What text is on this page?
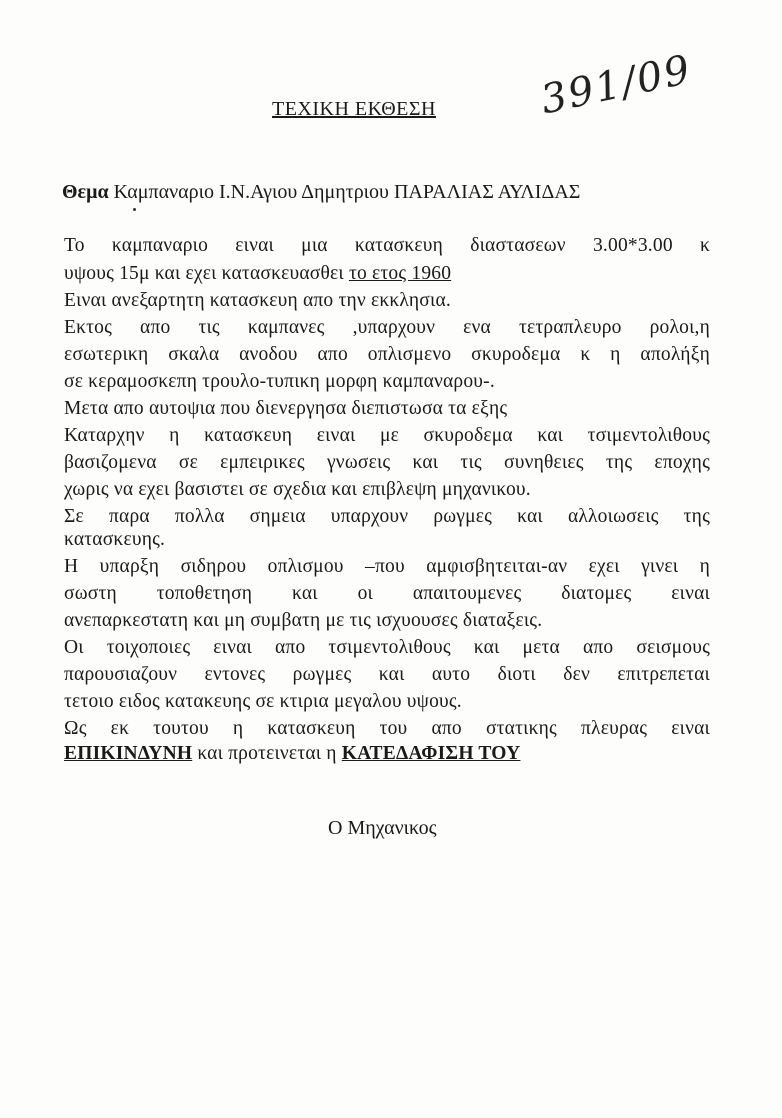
ΤΕΧΙΚΗ ΕΚΘΕΣΗ	391/09
Θεμα Καμπαναριο Ι.Ν.Αγιου Δημητριου ΠΑΡΑΛΙΑΣ ΑΥΛΙΔΑΣ
Το καμπαναριο ειναι μια κατασκευη διαστασεων 3.00*3.00 κ
υψους 15μ και εχει κατασκευασθει το ετος 1960
Ειναι ανεξαρτητη κατασκευη απο την εκκλησια.
Εκτος απο τις καμπανες ,υπαρχουν ενα τετραπλευρο ρολοι,η
εσωτερικη σκαλα ανοδου απο οπλισμενο σκυροδεμα κ η απολήξη
σε κεραμοσκεπη τρουλο-τυπικη μορφη καμπαναρου-.
Μετα απο αυτοψια που διενεργησα διεπιστωσα τα εξης
Καταρχην η κατασκευη ειναι με σκυροδεμα και τσιμεντολιθους
βασιζομενα σε εμπειρικες γνωσεις και τις συνηθειες της εποχης
χωρις να εχει βασιστει σε σχεδια και επιβλεψη μηχανικου.
Σε παρα πολλα σημεια υπαρχουν ρωγμες και αλλοιωσεις της
κατασκευης.
Η υπαρξη σιδηρου οπλισμου –που αμφισβητειται-αν εχει γινει η
σωστη τοποθετηση και οι απαιτουμενες διατομες ειναι
ανεπαρκεστατη και μη συμβατη με τις ισχυουσες διαταξεις.
Οι τοιχοποιες ειναι απο τσιμεντολιθους και μετα απο σεισμους
παρουσιαζουν εντονες ρωγμες και αυτο διοτι δεν επιτρεπεται
τετοιο ειδος κατακευης σε κτιρια μεγαλου υψους.
Ως εκ τουτου η κατασκευη του απο στατικης πλευρας ειναι
ΕΠΙΚΙΝΔΥΝΗ και προτεινεται η ΚΑΤΕΔΑΦΙΣΗ ΤΟΥ
Ο Μηχανικος
